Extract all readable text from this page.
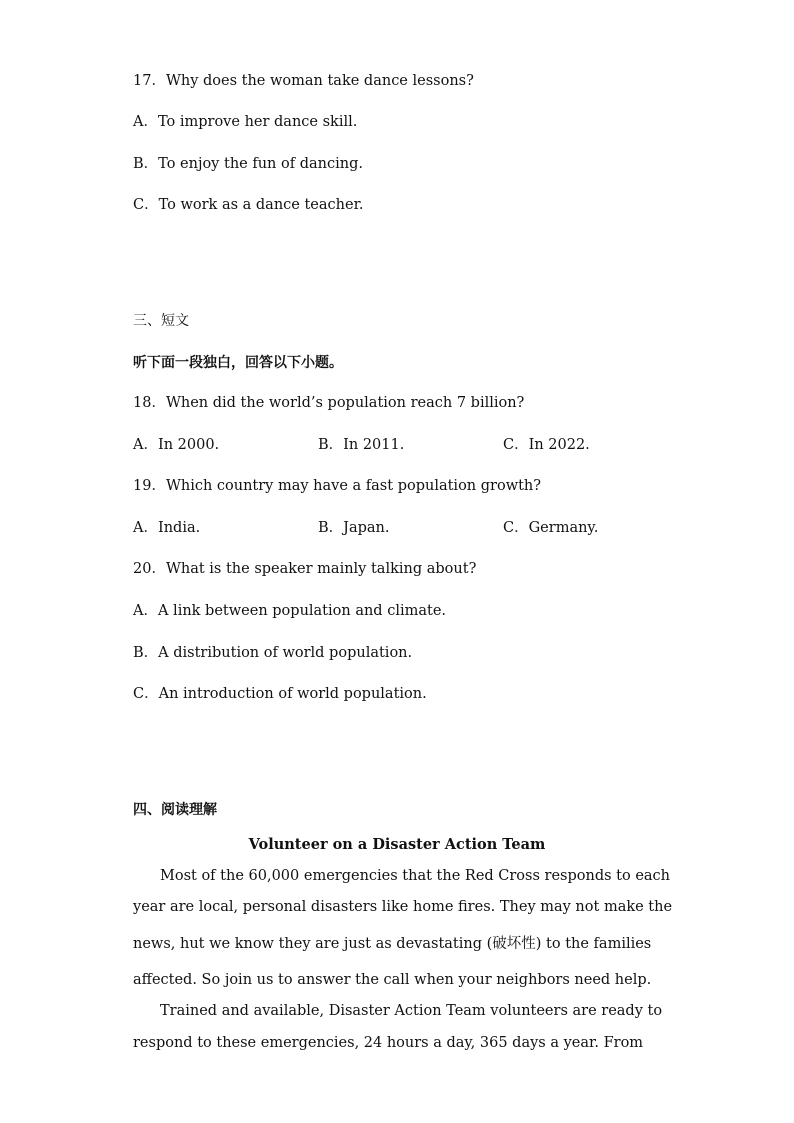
17．Why does the woman take dance lessons?
A．To improve her dance skill.
B．To enjoy the fun of dancing.
C．To work as a dance teacher.
三、短文
听下面一段独白，回答以下小题。
18．When did the world’s population reach 7 billion?
A．In 2000.	B．In 2011.	C．In 2022.
19．Which country may have a fast population growth?
A．India.	B．Japan.	C．Germany.
20．What is the speaker mainly talking about?
A．A link between population and climate.
B．A distribution of world population.
C．An introduction of world population.
四、阅读理解
Volunteer on a Disaster Action Team
Most of the 60,000 emergencies that the Red Cross responds to each
year are local, personal disasters like home fires. They may not make the
news, hut we know they are just as devastating (破坏性) to the families
affected. So join us to answer the call when your neighbors need help.
Trained and available, Disaster Action Team volunteers are ready to
respond to these emergencies, 24 hours a day, 365 days a year. From
